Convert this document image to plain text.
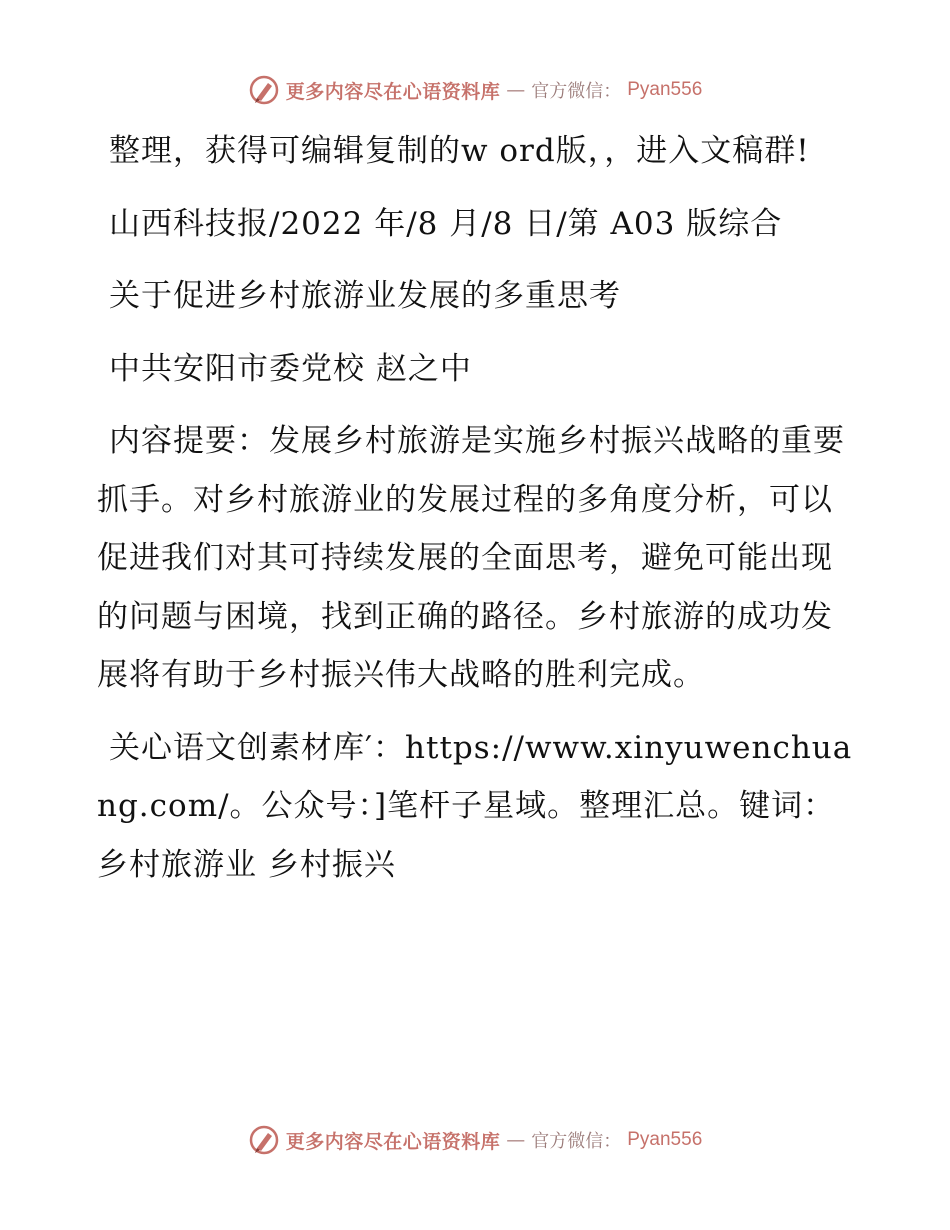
更多内容尽在心语资料库 — 官方微信： Pyan556

整理，获得可编辑复制的w ord版，，进入文稿群!

山西科技报/2022 年/8 月/8 日/第 A03 版综合

关于促进乡村旅游业发展的多重思考

中共安阳市委党校 赵之中

内容提要：发展乡村旅游是实施乡村振兴战略的重要抓手。对乡村旅游业的发展过程的多角度分析，可以促进我们对其可持续发展的全面思考，避免可能出现的问题与困境，找到正确的路径。乡村旅游的成功发展将有助于乡村振兴伟大战略的胜利完成。

关心语文创素材库′：https://www.xinyuwenchuang.com/。公众号：]笔杆子星域。整理汇总。键词：乡村旅游业 乡村振兴

更多内容尽在心语资料库 — 官方微信： Pyan556
